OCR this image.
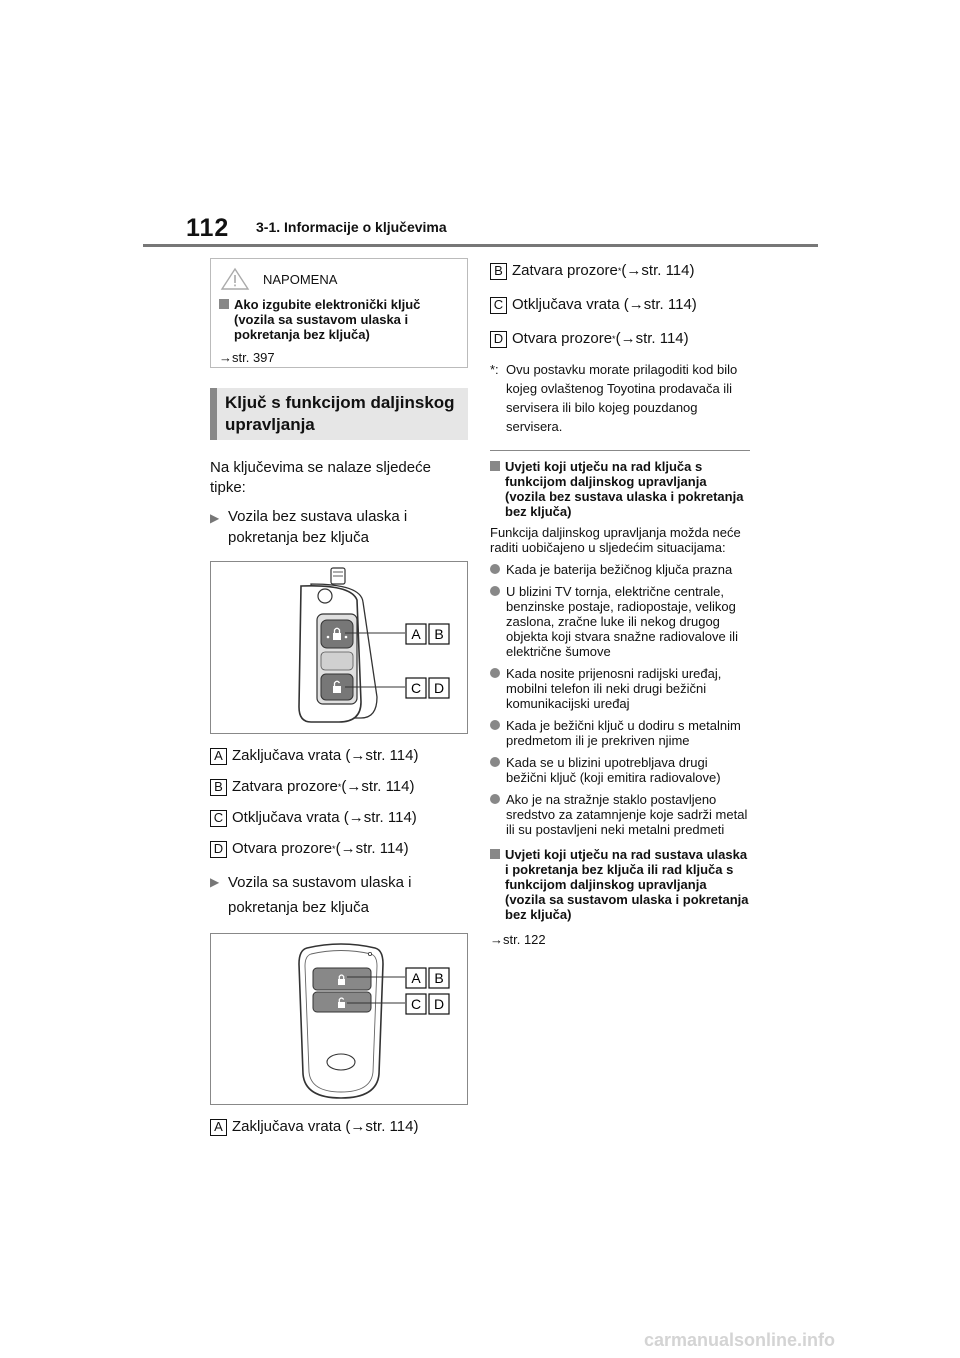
112 3-1. Informacije o ključevima
NAPOMENA
Ako izgubite elektronički ključ (vozila sa sustavom ulaska i pokretanja bez ključa)
→str. 397
Ključ s funkcijom daljinskog upravljanja
Na ključevima se nalaze sljedeće tipke:
▶ Vozila bez sustava ulaska i pokretanja bez ključa
A B
C D
A Zaključava vrata ( →str. 114)
B Zatvara prozore * ( →str. 114)
C Otključava vrata ( →str. 114)
D Otvara prozore * ( →str. 114)
▶ Vozila sa sustavom ulaska i pokretanja bez ključa
A B
C D
A Zaključava vrata ( →str. 114)
B Zatvara prozore * ( →str. 114)
C Otključava vrata ( →str. 114)
D Otvara prozore * ( →str. 114)
*: Ovu postavku morate prilagoditi kod bilo kojeg ovlaštenog Toyotina prodavača ili servisera ili bilo kojeg pouzdanog servisera.
Uvjeti koji utječu na rad ključa s funkcijom daljinskog upravljanja (vozila bez sustava ulaska i pokretanja bez ključa)
Funkcija daljinskog upravljanja možda neće raditi uobičajeno u sljedećim situacijama:
Kada je baterija bežičnog ključa prazna
U blizini TV tornja, električne centrale, benzinske postaje, radiopostaje, velikog zaslona, zračne luke ili nekog drugog objekta koji stvara snažne radiovalove ili električne šumove
Kada nosite prijenosni radijski uređaj, mobilni telefon ili neki drugi bežični komunikacijski uređaj
Kada je bežični ključ u dodiru s metalnim predmetom ili je prekriven njime
Kada se u blizini upotrebljava drugi bežični ključ (koji emitira radiovalove)
Ako je na stražnje staklo postavljeno sredstvo za zatamnjenje koje sadrži metal ili su postavljeni neki metalni predmeti
Uvjeti koji utječu na rad sustava ulaska i pokretanja bez ključa ili rad ključa s funkcijom daljinskog upravljanja (vozila sa sustavom ulaska i pokretanja bez ključa)
→str. 122
carmanualsonline.info
